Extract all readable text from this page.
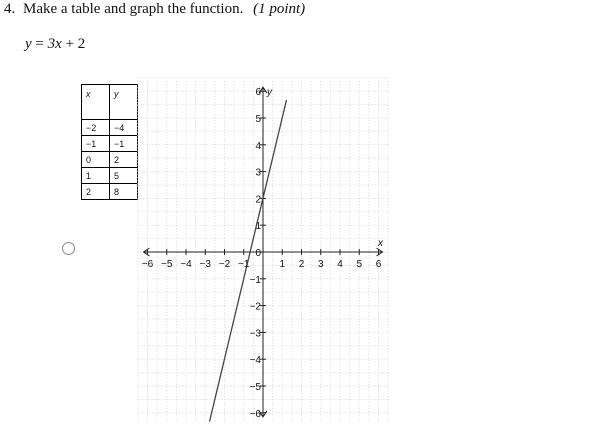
4. Make a table and graph the function. (1 point)
y = 3x + 2
x	y
−2	−4
−1	−1
0	2
1	5
2	8
−6 −5 −4 −3 −2 −1	1 2 3 4 5 6
−6
−5
−4
−3
−2
−1
0
1
2
3
4
5
6
x
y
